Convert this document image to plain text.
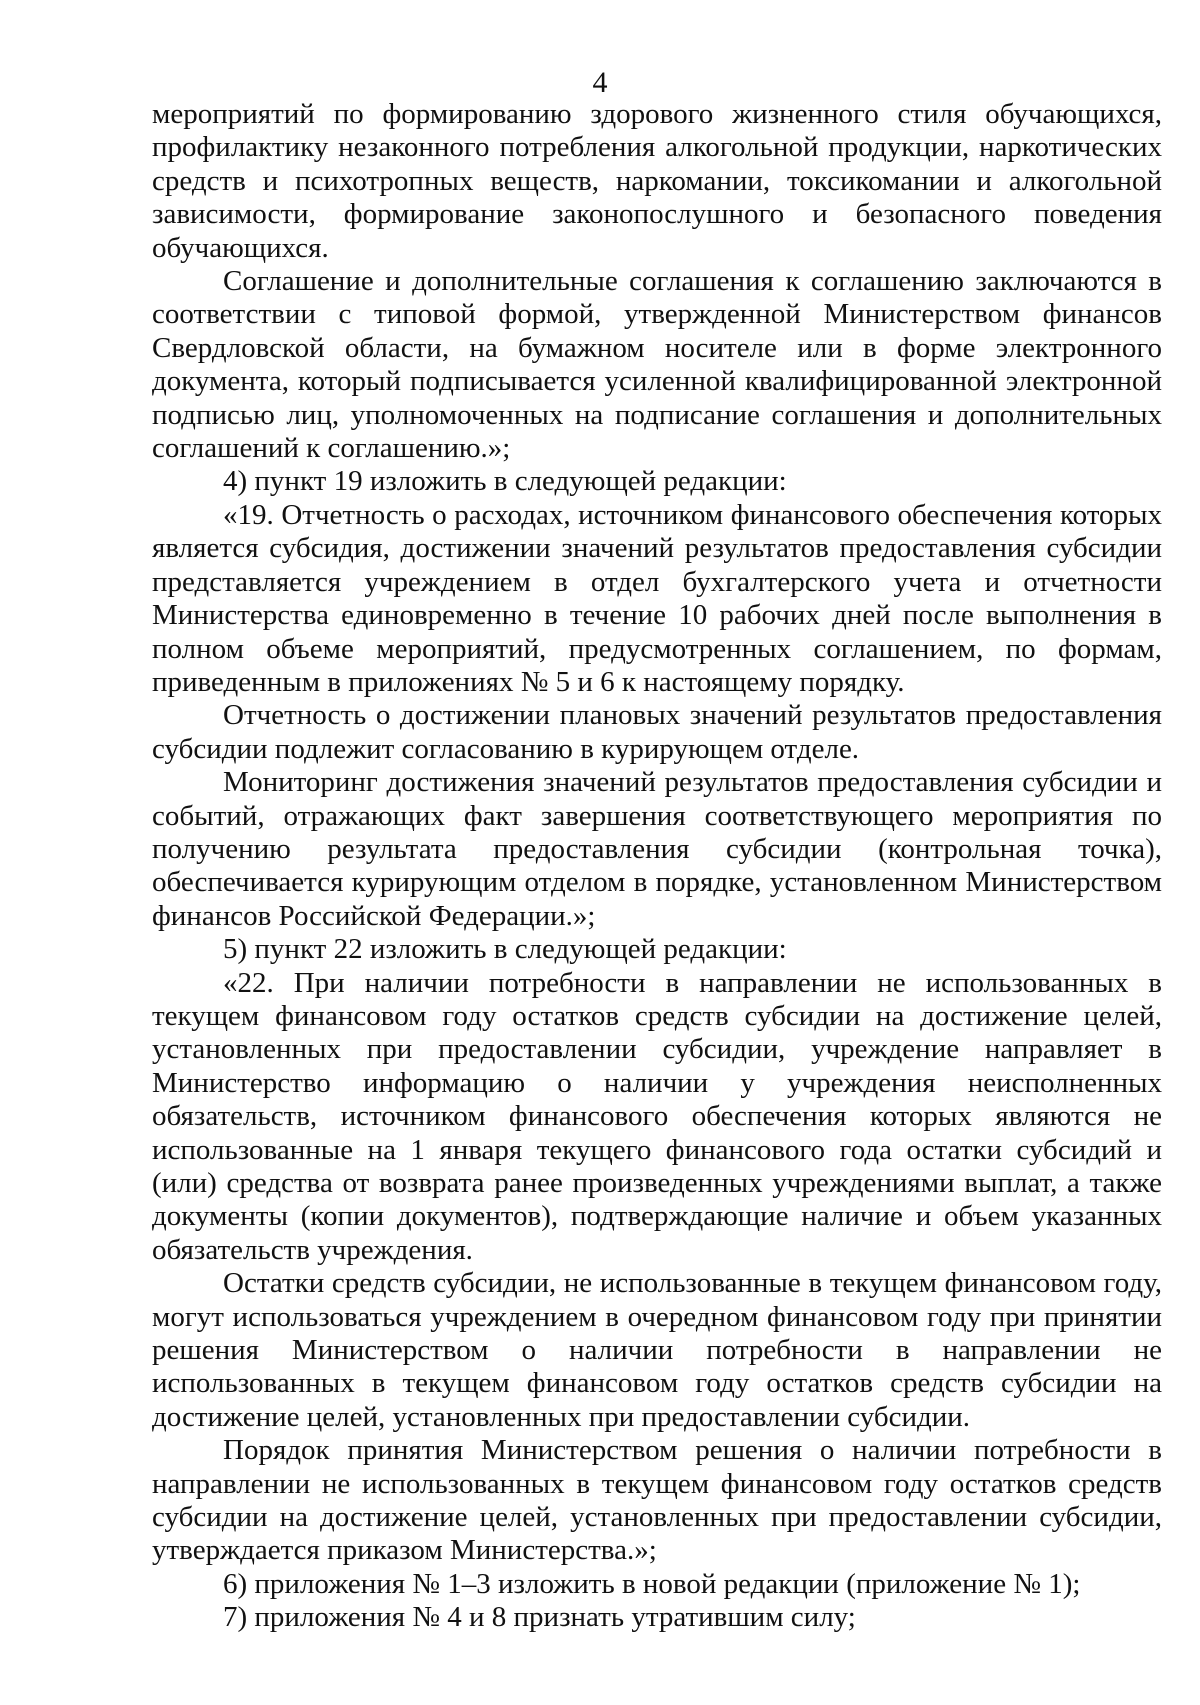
4

мероприятий по формированию здорового жизненного стиля обучающихся, профилактику незаконного потребления алкогольной продукции, наркотических средств и психотропных веществ, наркомании, токсикомании и алкогольной зависимости, формирование законопослушного и безопасного поведения обучающихся.

Соглашение и дополнительные соглашения к соглашению заключаются в соответствии с типовой формой, утвержденной Министерством финансов Свердловской области, на бумажном носителе или в форме электронного документа, который подписывается усиленной квалифицированной электронной подписью лиц, уполномоченных на подписание соглашения и дополнительных соглашений к соглашению.»;

4) пункт 19 изложить в следующей редакции:

«19. Отчетность о расходах, источником финансового обеспечения которых является субсидия, достижении значений результатов предоставления субсидии представляется учреждением в отдел бухгалтерского учета и отчетности Министерства единовременно в течение 10 рабочих дней после выполнения в полном объеме мероприятий, предусмотренных соглашением, по формам, приведенным в приложениях № 5 и 6 к настоящему порядку.

Отчетность о достижении плановых значений результатов предоставления субсидии подлежит согласованию в курирующем отделе.

Мониторинг достижения значений результатов предоставления субсидии и событий, отражающих факт завершения соответствующего мероприятия по получению результата предоставления субсидии (контрольная точка), обеспечивается курирующим отделом в порядке, установленном Министерством финансов Российской Федерации.»;

5) пункт 22 изложить в следующей редакции:

«22. При наличии потребности в направлении не использованных в текущем финансовом году остатков средств субсидии на достижение целей, установленных при предоставлении субсидии, учреждение направляет в Министерство информацию о наличии у учреждения неисполненных обязательств, источником финансового обеспечения которых являются не использованные на 1 января текущего финансового года остатки субсидий и (или) средства от возврата ранее произведенных учреждениями выплат, а также документы (копии документов), подтверждающие наличие и объем указанных обязательств учреждения.

Остатки средств субсидии, не использованные в текущем финансовом году, могут использоваться учреждением в очередном финансовом году при принятии решения Министерством о наличии потребности в направлении не использованных в текущем финансовом году остатков средств субсидии на достижение целей, установленных при предоставлении субсидии.

Порядок принятия Министерством решения о наличии потребности в направлении не использованных в текущем финансовом году остатков средств субсидии на достижение целей, установленных при предоставлении субсидии, утверждается приказом Министерства.»;

6) приложения № 1–3 изложить в новой редакции (приложение № 1);

7) приложения № 4 и 8 признать утратившим силу;
